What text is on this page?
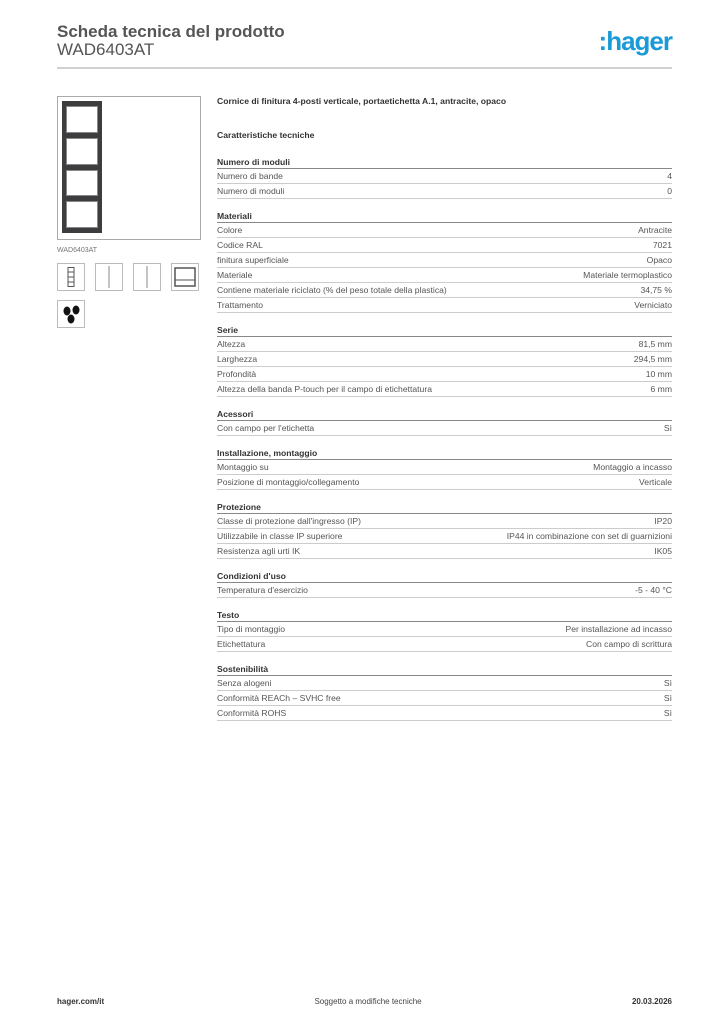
Scheda tecnica del prodotto
WAD6403AT	:hager
WAD6403AT
Cornice di finitura 4-posti verticale, portaetichetta A.1, antracite, opaco
Caratteristiche tecniche
Numero di moduli
Numero di bande	4
Numero di moduli	0
Materiali
Colore	Antracite
Codice RAL	7021
finitura superficiale	Opaco
Materiale	Materiale termoplastico
Contiene materiale riciclato (% del peso totale della plastica)	34,75 %
Trattamento	Verniciato
Serie
Altezza	81,5 mm
Larghezza	294,5 mm
Profondità	10 mm
Altezza della banda P-touch per il campo di etichettatura	6 mm
Acessori
Con campo per l'etichetta	Sì
Installazione, montaggio
Montaggio su	Montaggio a incasso
Posizione di montaggio/collegamento	Verticale
Protezione
Classe di protezione dall'ingresso (IP)	IP20
Utilizzabile in classe IP superiore	IP44 in combinazione con set di guarnizioni
Resistenza agli urti IK	IK05
Condizioni d'uso
Temperatura d'esercizio	-5 - 40 °C
Testo
Tipo di montaggio	Per installazione ad incasso
Etichettatura	Con campo di scrittura
Sostenibilità
Senza alogeni	Sì
Conformità REACh – SVHC free	Sì
Conformità ROHS	Sì
hager.com/it	Soggetto a modifiche tecniche	20.03.2026
